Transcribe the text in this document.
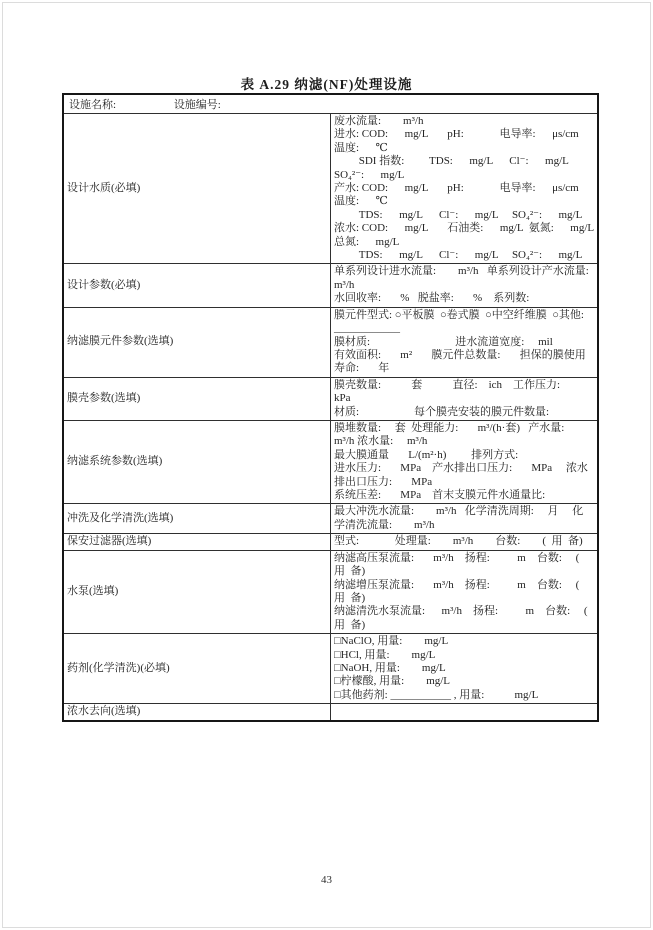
表 A.29 纳滤(NF)处理设施
设施名称: 设施编号:	
设计水质(必填)	
废水流量:        m³/h
进水: COD:      mg/L       pH:             电导率:      μs/cm  温度:      ℃
SDI 指数:         TDS:      mg/L      Cl⁻:      mg/L   SO₄²⁻:      mg/L
产水: COD:      mg/L       pH:             电导率:      μs/cm  温度:      ℃
TDS:      mg/L      Cl⁻:      mg/L     SO₄²⁻:      mg/L
浓水: COD:      mg/L       石油类:      mg/L  氨氮:      mg/L   总氮:      mg/L
TDS:      mg/L      Cl⁻:      mg/L     SO₄²⁻:      mg/L

设计参数(必填)	单系列设计进水流量:        m³/h   单系列设计产水流量:        m³/h
水回收率:       %   脱盐率:       %    系列数:

纳滤膜元件参数(选填)	膜元件型式: ○平板膜  ○卷式膜  ○中空纤维膜  ○其他: ____________
膜材质:                               进水流道宽度:     mil
有效面积:       m²       膜元件总数量:       担保的膜使用寿命:       年

膜壳参数(选填)	膜壳数量:           套           直径:    ich    工作压力:           kPa
材质:                    每个膜壳安装的膜元件数量:

纳滤系统参数(选填)	膜堆数量:     套  处理能力:       m³/(h·套)   产水量:     m³/h 浓水量:     m³/h
最大膜通量       L/(m²·h)         排列方式:
进水压力:       MPa    产水排出口压力:       MPa     浓水排出口压力:       MPa
系统压差:       MPa    首末支膜元件水通量比:

冲洗及化学清洗(选填)	最大冲洗水流量:        m³/h   化学清洗周期:     月     化学清洗流量:        m³/h

保安过滤器(选填)	型式:             处理量:        m³/h        台数:        (  用  备)

水泵(选填)	纳滤高压泵流量:       m³/h    扬程:          m    台数:     (  用  备)
纳滤增压泵流量:       m³/h    扬程:          m    台数:     (  用  备)
纳滤清洗水泵流量:      m³/h    扬程:          m    台数:     (  用  备)

药剂(化学清洗)(必填)	□NaClO, 用量:        mg/L
□HCl, 用量:        mg/L
□NaOH, 用量:        mg/L
□柠檬酸, 用量:        mg/L
□其他药剂: ___________ , 用量:           mg/L

浓水去向(选填)	

43
